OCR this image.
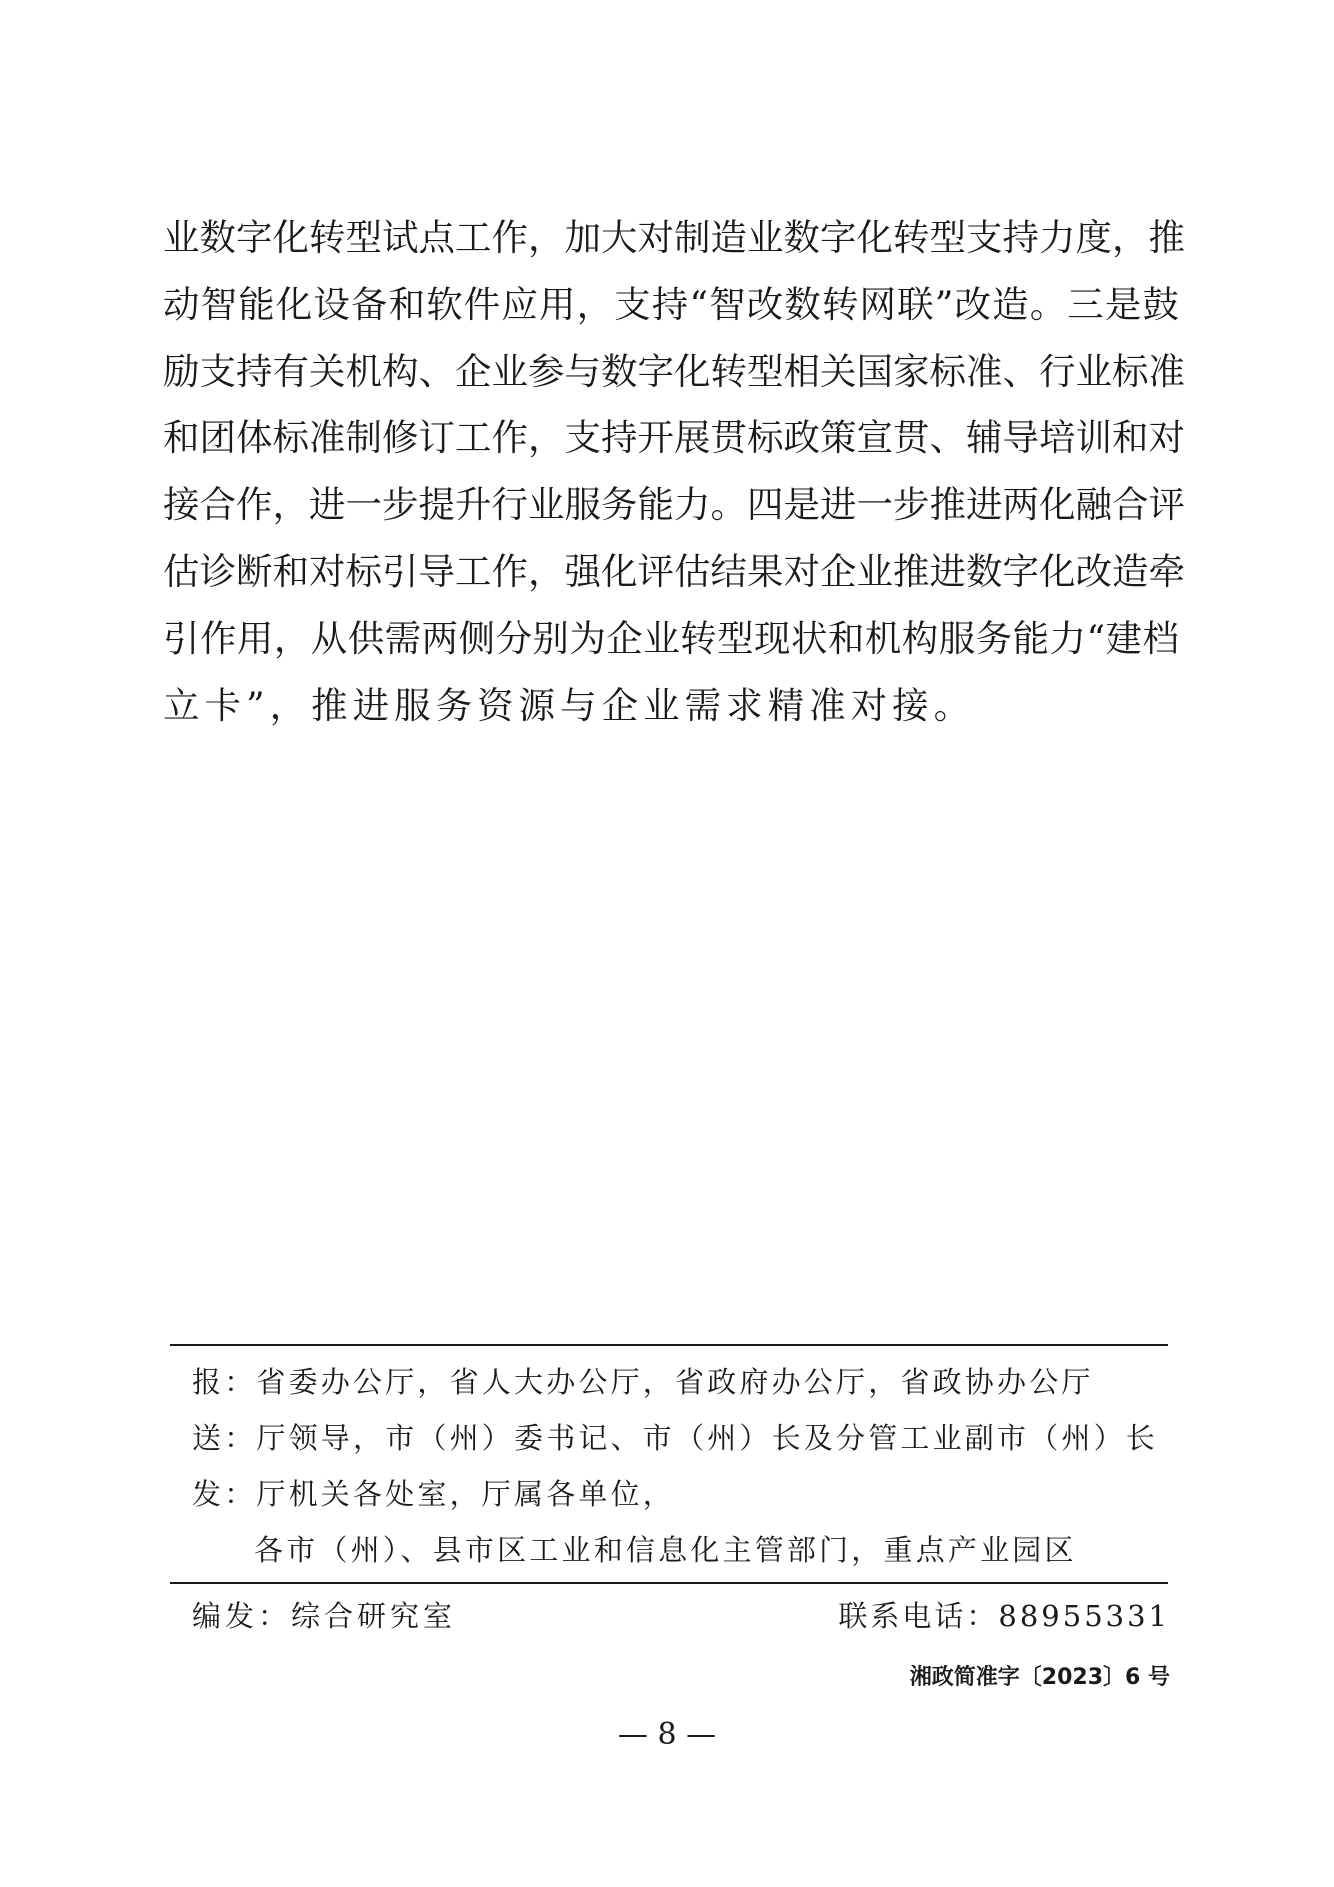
业数字化转型试点工作，加大对制造业数字化转型支持力度，推
动智能化设备和软件应用，支持“智改数转网联”改造。三是鼓
励支持有关机构、企业参与数字化转型相关国家标准、行业标准
和团体标准制修订工作，支持开展贯标政策宣贯、辅导培训和对
接合作，进一步提升行业服务能力。四是进一步推进两化融合评
估诊断和对标引导工作，强化评估结果对企业推进数字化改造牵
引作用，从供需两侧分别为企业转型现状和机构服务能力“建档
立卡”，推进服务资源与企业需求精准对接。
报：省委办公厅，省人大办公厅，省政府办公厅，省政协办公厅
送：厅领导，市（州）委书记、市（州）长及分管工业副市（州）长
发：厅机关各处室，厅属各单位，
各市（州）、县市区工业和信息化主管部门，重点产业园区
编发：综合研究室	联系电话：88955331
湘政简准字〔2023〕6 号
— 8 —
